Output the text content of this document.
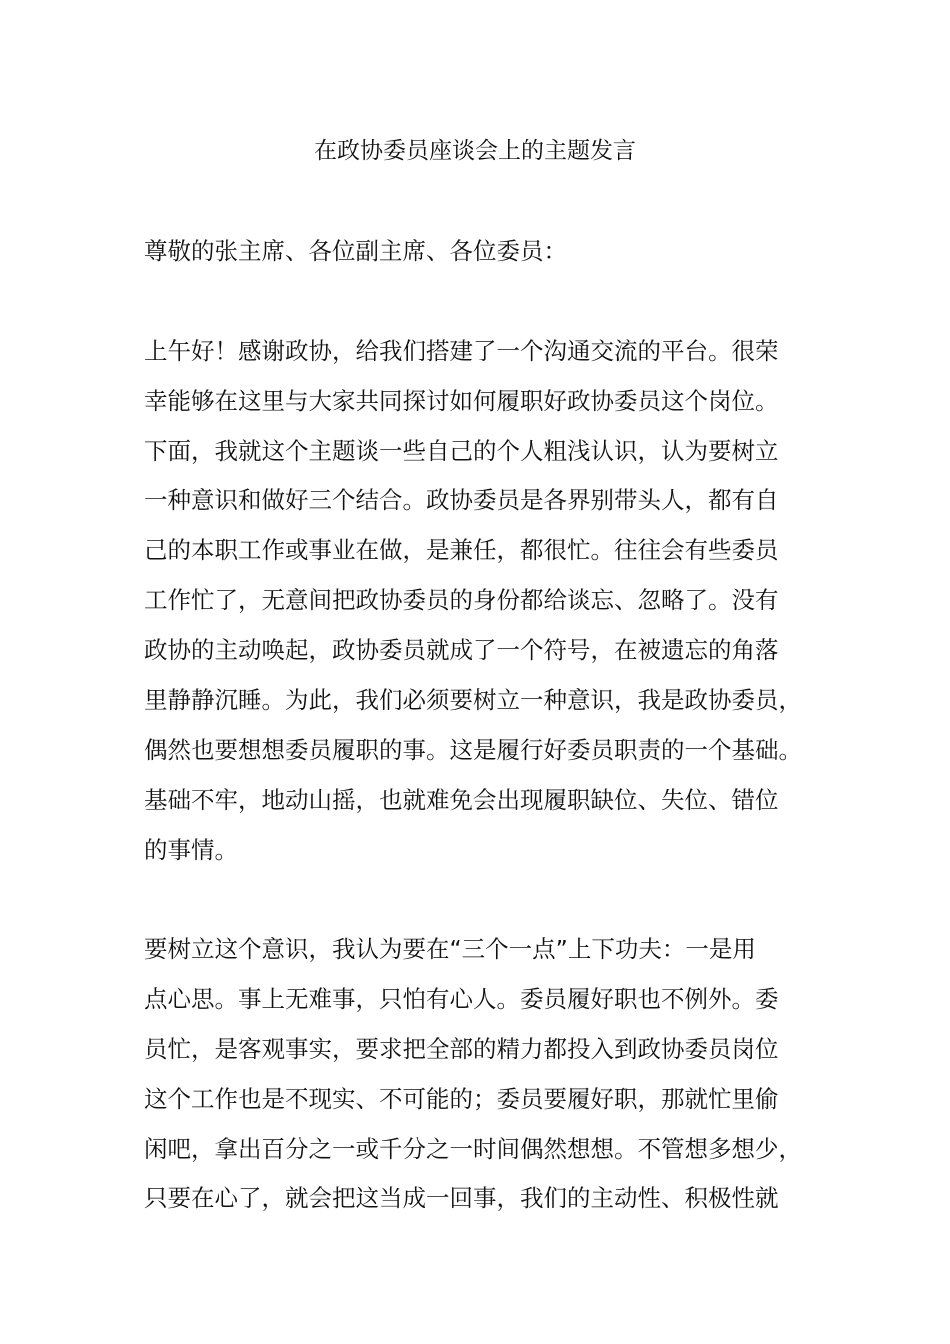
在政协委员座谈会上的主题发言
尊敬的张主席、各位副主席、各位委员：
上午好！感谢政协，给我们搭建了一个沟通交流的平台。很荣
幸能够在这里与大家共同探讨如何履职好政协委员这个岗位。
下面，我就这个主题谈一些自己的个人粗浅认识，认为要树立
一种意识和做好三个结合。政协委员是各界别带头人，都有自
己的本职工作或事业在做，是兼任，都很忙。往往会有些委员
工作忙了，无意间把政协委员的身份都给谈忘、忽略了。没有
政协的主动唤起，政协委员就成了一个符号，在被遗忘的角落
里静静沉睡。为此，我们必须要树立一种意识，我是政协委员，
偶然也要想想委员履职的事。这是履行好委员职责的一个基础。
基础不牢，地动山摇，也就难免会出现履职缺位、失位、错位
的事情。
要树立这个意识，我认为要在“三个一点”上下功夫：一是用
点心思。事上无难事，只怕有心人。委员履好职也不例外。委
员忙，是客观事实，要求把全部的精力都投入到政协委员岗位
这个工作也是不现实、不可能的；委员要履好职，那就忙里偷
闲吧，拿出百分之一或千分之一时间偶然想想。不管想多想少，
只要在心了，就会把这当成一回事，我们的主动性、积极性就
